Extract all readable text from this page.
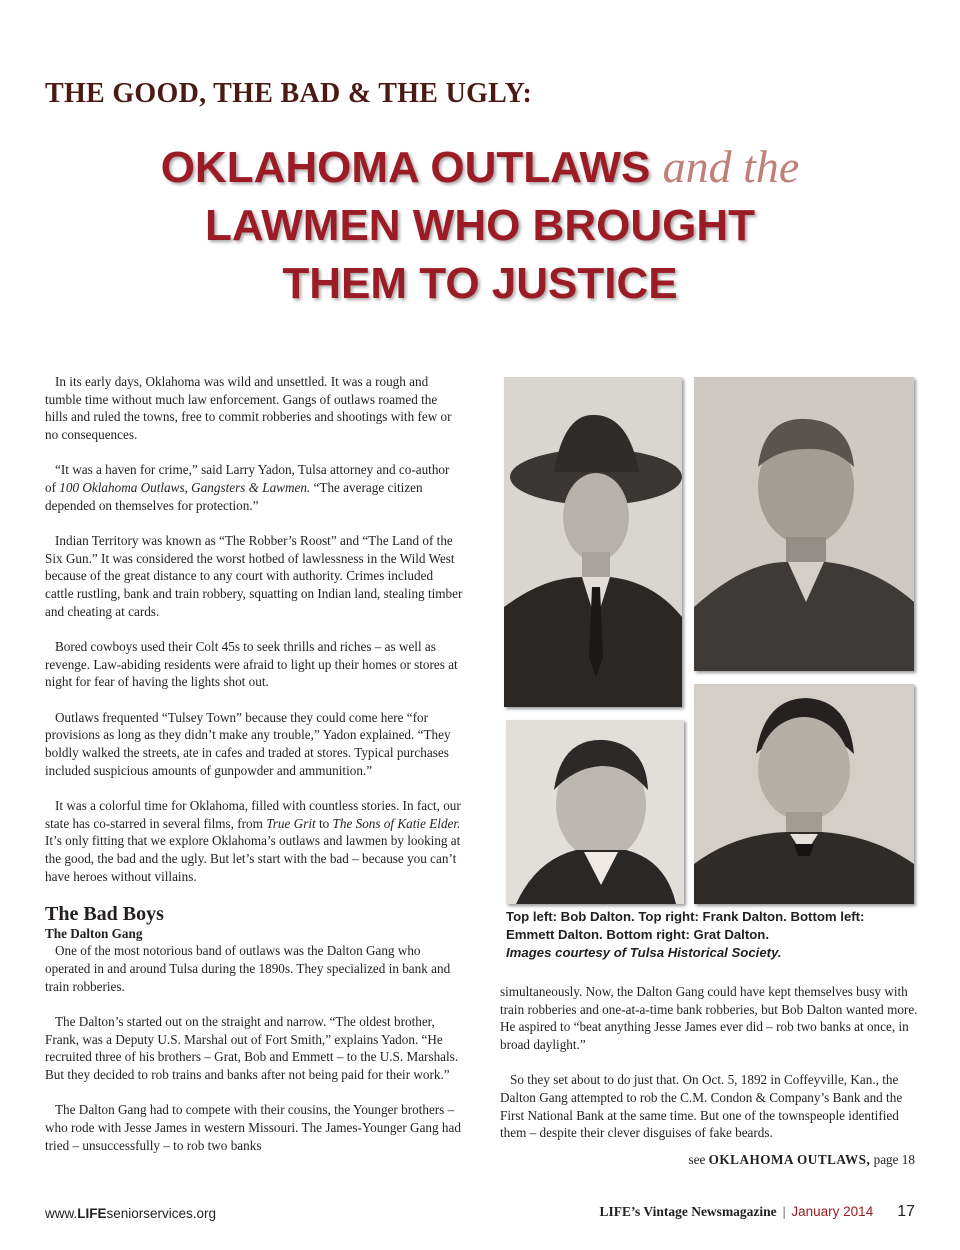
THE GOOD, THE BAD & THE UGLY:
OKLAHOMA OUTLAWS and the
LAWMEN WHO BROUGHT
THEM TO JUSTICE

In its early days, Oklahoma was wild and unsettled. It was a rough and tumble time without much law enforcement. Gangs of outlaws roamed the hills and ruled the towns, free to commit robberies and shootings with few or no consequences.

“It was a haven for crime,” said Larry Yadon, Tulsa attorney and co-author of 100 Oklahoma Outlaws, Gangsters & Lawmen. “The average citizen depended on themselves for protection.”

Indian Territory was known as “The Robber’s Roost” and “The Land of the Six Gun.” It was considered the worst hotbed of lawlessness in the Wild West because of the great distance to any court with authority. Crimes included cattle rustling, bank and train robbery, squatting on Indian land, stealing timber and cheating at cards.

Bored cowboys used their Colt 45s to seek thrills and riches – as well as revenge. Law-abiding residents were afraid to light up their homes or stores at night for fear of having the lights shot out.

Outlaws frequented “Tulsey Town” because they could come here “for provisions as long as they didn’t make any trouble,” Yadon explained. “They boldly walked the streets, ate in cafes and traded at stores. Typical purchases included suspicious amounts of gunpowder and ammunition.”

It was a colorful time for Oklahoma, filled with countless stories. In fact, our state has co-starred in several films, from True Grit to The Sons of Katie Elder. It’s only fitting that we explore Oklahoma’s outlaws and lawmen by looking at the good, the bad and the ugly. But let’s start with the bad – because you can’t have heroes without villains.

The Bad Boys
The Dalton Gang

One of the most notorious band of outlaws was the Dalton Gang who operated in and around Tulsa during the 1890s. They specialized in bank and train robberies.

The Dalton’s started out on the straight and narrow. “The oldest brother, Frank, was a Deputy U.S. Marshal out of Fort Smith,” explains Yadon. “He recruited three of his brothers – Grat, Bob and Emmett – to the U.S. Marshals. But they decided to rob trains and banks after not being paid for their work.”

The Dalton Gang had to compete with their cousins, the Younger brothers – who rode with Jesse James in western Missouri. The James-Younger Gang had tried – unsuccessfully – to rob two banks

Top left: Bob Dalton. Top right: Frank Dalton. Bottom left: Emmett Dalton. Bottom right: Grat Dalton.
Images courtesy of Tulsa Historical Society.

simultaneously. Now, the Dalton Gang could have kept themselves busy with train robberies and one-at-a-time bank robberies, but Bob Dalton wanted more. He aspired to “beat anything Jesse James ever did – rob two banks at once, in broad daylight.”

So they set about to do just that. On Oct. 5, 1892 in Coffeyville, Kan., the Dalton Gang attempted to rob the C.M. Condon & Company’s Bank and the First National Bank at the same time. But one of the townspeople identified them – despite their clever disguises of fake beards.

see OKLAHOMA OUTLAWS, page 18
www.LIFEseniorservices.org	LIFE’s Vintage Newsmagazine | January 2014 17
